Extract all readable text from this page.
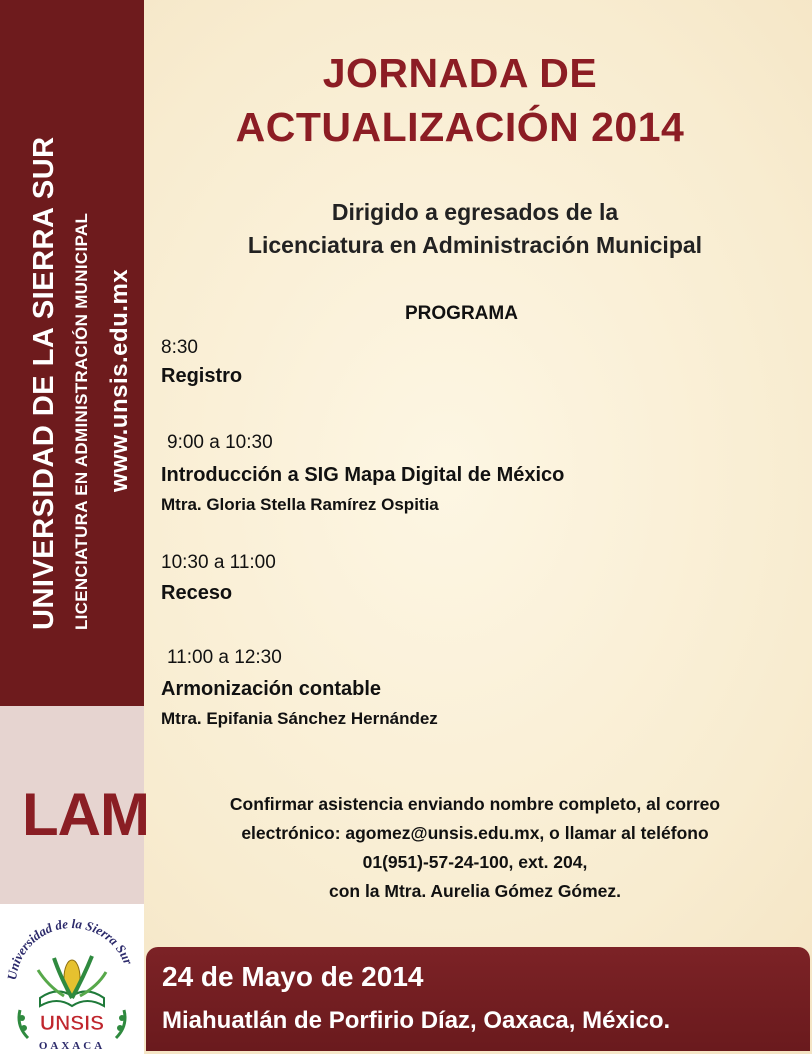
UNIVERSIDAD DE LA SIERRA SUR LICENCIATURA EN ADMINISTRACIÓN MUNICIPAL www.unsis.edu.mx
LAM
Universidad de la Sierra Sur
UNSIS
OAXACA
JORNADA DE
ACTUALIZACIÓN 2014
Dirigido a egresados de la
Licenciatura en Administración Municipal
PROGRAMA
8:30
Registro
9:00 a 10:30
Introducción a SIG Mapa Digital de México
Mtra. Gloria Stella Ramírez Ospitia
10:30 a 11:00
Receso
11:00 a 12:30
Armonización contable
Mtra. Epifania Sánchez Hernández
Confirmar asistencia enviando nombre completo, al correo
electrónico: agomez@unsis.edu.mx, o llamar al teléfono
01(951)-57-24-100, ext. 204,
con la Mtra. Aurelia Gómez Gómez.
24 de Mayo de 2014
Miahuatlán de Porfirio Díaz, Oaxaca, México.
